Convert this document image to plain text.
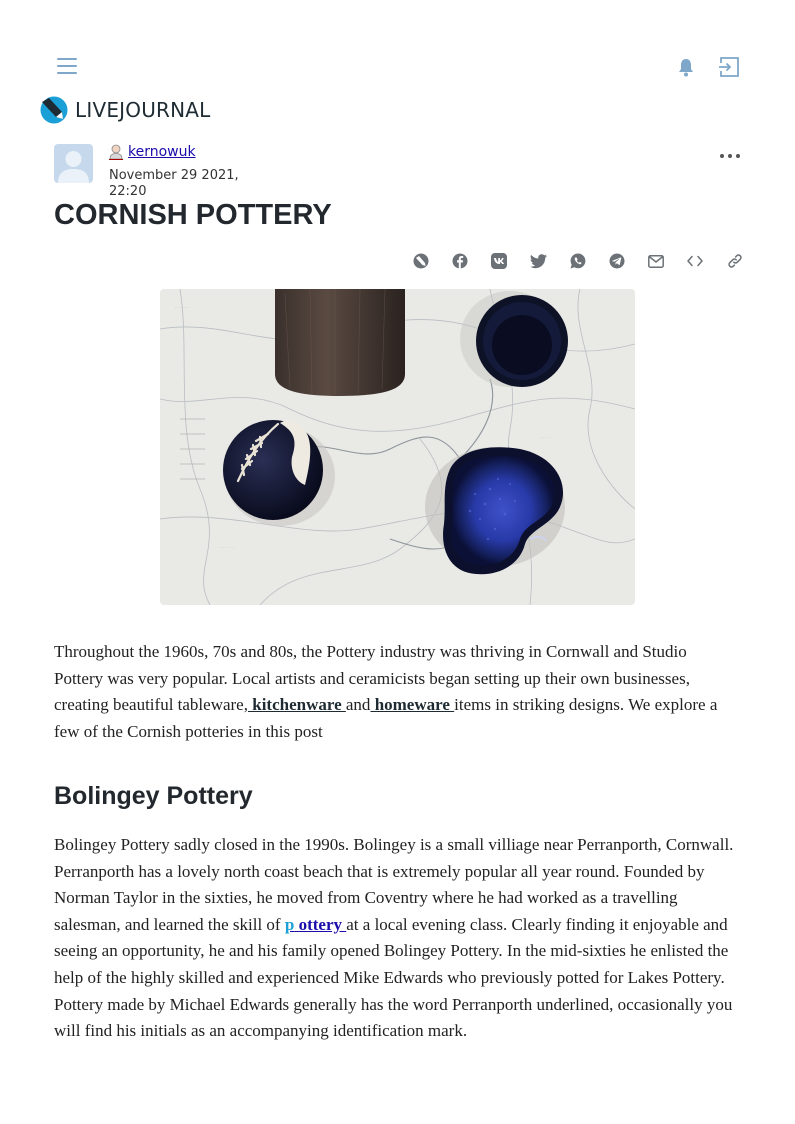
LIVEJOURNAL
kernowuk
November 29 2021,
22:20
CORNISH POTTERY
· · · · ·
· · · ·
· · · · ·

Throughout the 1960s, 70s and 80s, the Pottery industry was thriving in Cornwall and Studio Pottery was very popular. Local artists and ceramicists began setting up their own businesses, creating beautiful tableware, kitchenware and homeware items in striking designs. We explore a few of the Cornish potteries in this post

Bolingey Pottery

Bolingey Pottery sadly closed in the 1990s. Bolingey is a small villiage near Perranporth, Cornwall. Perranporth has a lovely north coast beach that is extremely popular all year round. Founded by Norman Taylor in the sixties, he moved from Coventry where he had worked as a travelling salesman, and learned the skill of p ottery at a local evening class. Clearly finding it enjoyable and seeing an opportunity, he and his family opened Bolingey Pottery. In the mid-sixties he enlisted the help of the highly skilled and experienced Mike Edwards who previously potted for Lakes Pottery. Pottery made by Michael Edwards generally has the word Perranporth underlined, occasionally you will find his initials as an accompanying identification mark.
